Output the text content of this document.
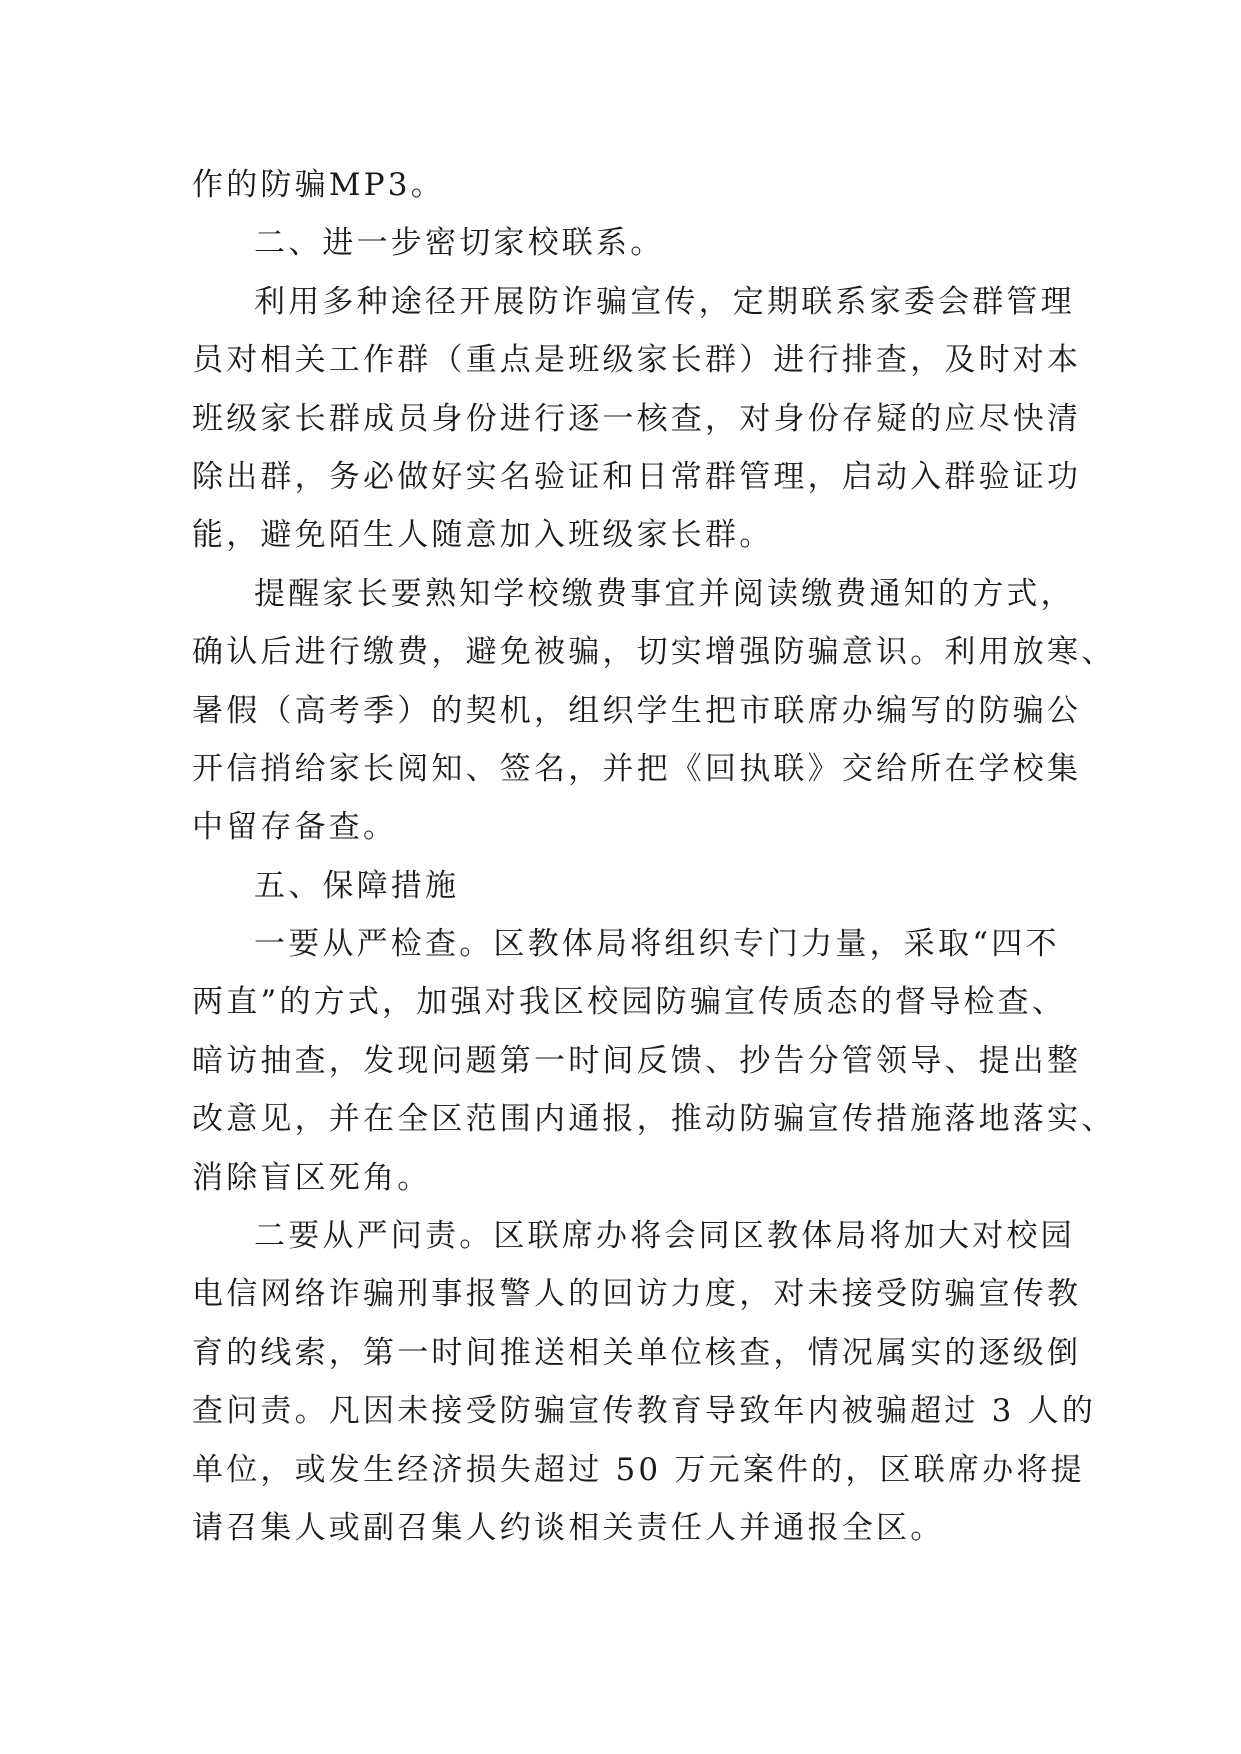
作的防骗MP3。
二、进一步密切家校联系。
利用多种途径开展防诈骗宣传，定期联系家委会群管理
员对相关工作群（重点是班级家长群）进行排查，及时对本
班级家长群成员身份进行逐一核查，对身份存疑的应尽快清
除出群，务必做好实名验证和日常群管理，启动入群验证功
能，避免陌生人随意加入班级家长群。
提醒家长要熟知学校缴费事宜并阅读缴费通知的方式，
确认后进行缴费，避免被骗，切实增强防骗意识。利用放寒、
暑假（高考季）的契机，组织学生把市联席办编写的防骗公
开信捎给家长阅知、签名，并把《回执联》交给所在学校集
中留存备查。
五、保障措施
一要从严检查。区教体局将组织专门力量，采取“四不
两直”的方式，加强对我区校园防骗宣传质态的督导检查、
暗访抽查，发现问题第一时间反馈、抄告分管领导、提出整
改意见，并在全区范围内通报，推动防骗宣传措施落地落实、
消除盲区死角。
二要从严问责。区联席办将会同区教体局将加大对校园
电信网络诈骗刑事报警人的回访力度，对未接受防骗宣传教
育的线索，第一时间推送相关单位核查，情况属实的逐级倒
查问责。凡因未接受防骗宣传教育导致年内被骗超过 3 人的
单位，或发生经济损失超过 50 万元案件的，区联席办将提
请召集人或副召集人约谈相关责任人并通报全区。
